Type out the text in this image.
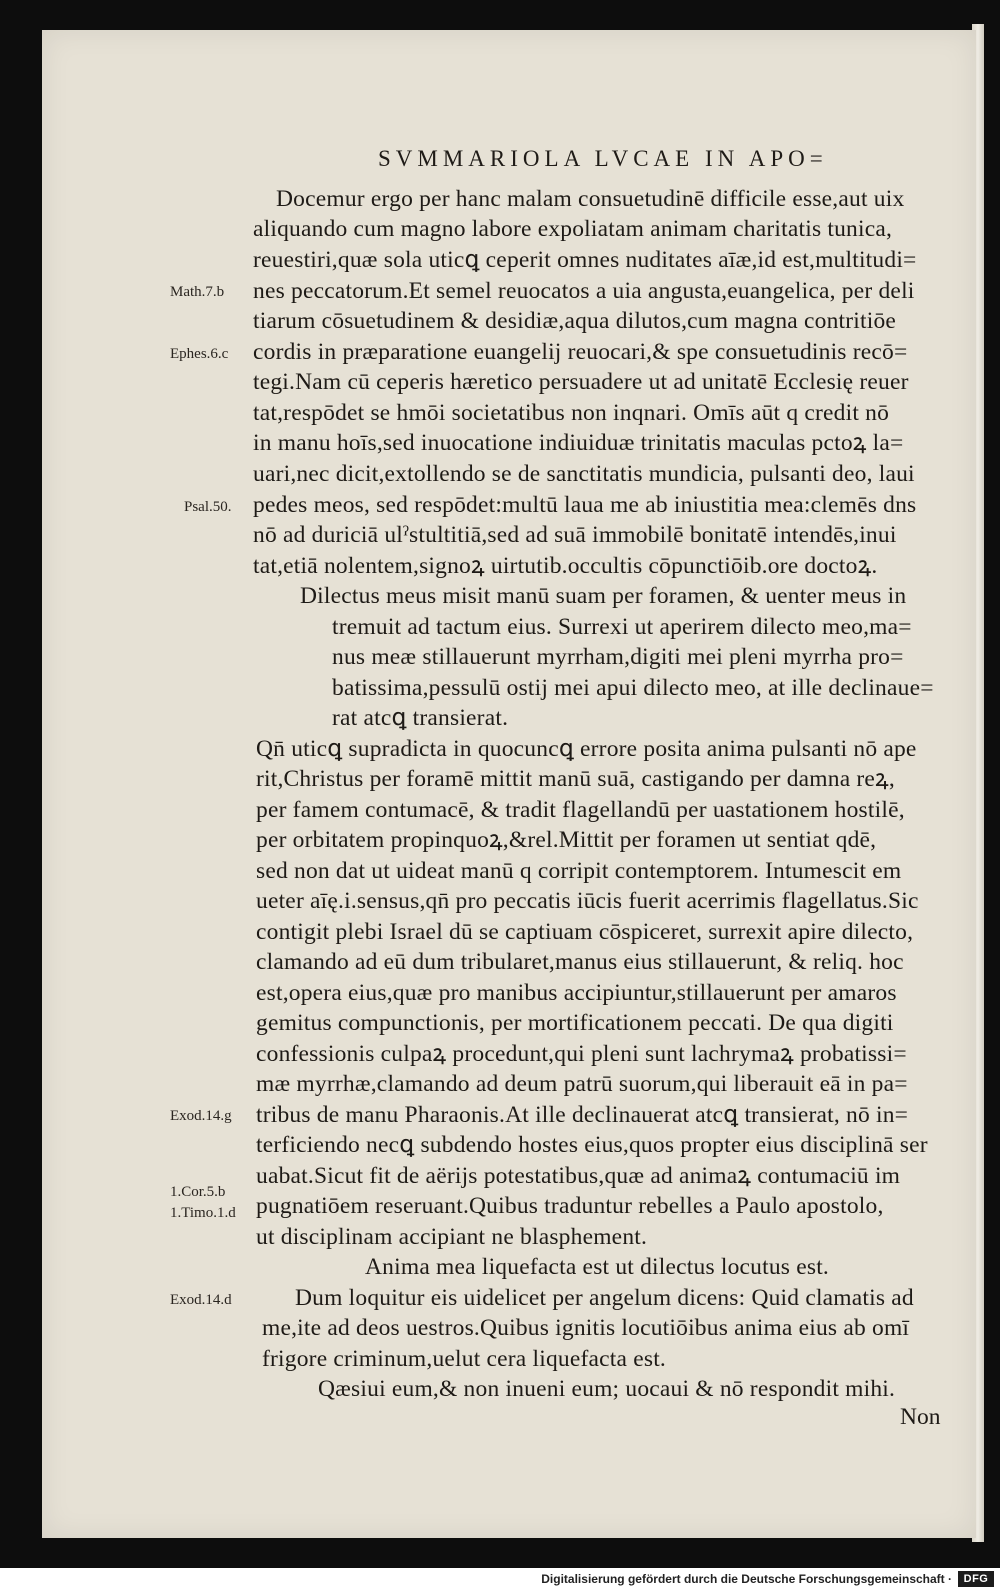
SVMMARIOLA LVCAE IN APO=
Docemur ergo per hanc malam consuetudinē difficile esse,aut uix
aliquando cum magno labore expoliatam animam charitatis tunica,
reuestiri,quæ sola uticꝗ ceperit omnes nuditates aīæ,id est,multitudi=
nes peccatorum.Et semel reuocatos a uia angusta,euangelica, per deli
tiarum cōsuetudinem & desidiæ,aqua dilutos,cum magna contritiōe
cordis in præparatione euangelij reuocari,& spe consuetudinis recō=
tegi.Nam cū ceperis hæretico persuadere ut ad unitatē Ecclesię reuer
tat,respōdet se hmōi societatibus non inqnari. Omīs aūt q credit nō
in manu hoīs,sed inuocatione indiuiduæ trinitatis maculas pctoꝝ la=
uari,nec dicit,extollendo se de sanctitatis mundicia, pulsanti deo, laui
pedes meos, sed respōdet:multū laua me ab iniustitia mea:clemēs dns
nō ad duriciā ulˀstultitiā,sed ad suā immobilē bonitatē intendēs,inui
tat,etiā nolentem,signoꝝ uirtutib.occultis cōpunctiōib.ore doctoꝝ.
Dilectus meus misit manū suam per foramen, & uenter meus in
tremuit ad tactum eius. Surrexi ut aperirem dilecto meo,ma=
nus meæ stillauerunt myrrham,digiti mei pleni myrrha pro=
batissima,pessulū ostij mei apui dilecto meo, at ille declinaue=
rat atcꝗ transierat.
Qn̄ uticꝗ supradicta in quocuncꝗ errore posita anima pulsanti nō ape
rit,Christus per foramē mittit manū suā, castigando per damna reꝝ,
per famem contumacē, & tradit flagellandū per uastationem hostilē,
per orbitatem propinquoꝝ,&rel.Mittit per foramen ut sentiat qdē,
sed non dat ut uideat manū q corripit contemptorem. Intumescit em
ueter aīę.i.sensus,qn̄ pro peccatis iūcis fuerit acerrimis flagellatus.Sic
contigit plebi Israel dū se captiuam cōspiceret, surrexit apire dilecto,
clamando ad eū dum tribularet,manus eius stillauerunt, & reliq. hoc
est,opera eius,quæ pro manibus accipiuntur,stillauerunt per amaros
gemitus compunctionis, per mortificationem peccati. De qua digiti
confessionis culpaꝝ procedunt,qui pleni sunt lachrymaꝝ probatissi=
mæ myrrhæ,clamando ad deum patrū suorum,qui liberauit eā in pa=
tribus de manu Pharaonis.At ille declinauerat atcꝗ transierat, nō in=
terficiendo necꝗ subdendo hostes eius,quos propter eius disciplinā ser
uabat.Sicut fit de aërijs potestatibus,quæ ad animaꝝ contumaciū im
pugnatiōem reseruant.Quibus traduntur rebelles a Paulo apostolo,
ut disciplinam accipiant ne blasphement.
Anima mea liquefacta est ut dilectus locutus est.
Dum loquitur eis uidelicet per angelum dicens: Quid clamatis ad
me,ite ad deos uestros.Quibus ignitis locutiōibus anima eius ab omī
frigore criminum,uelut cera liquefacta est.
Qæsiui eum,& non inueni eum; uocaui & nō respondit mihi.
Math.7.b
Ephes.6.c
Psal.50.
Exod.14.g
1.Cor.5.b
1.Timo.1.d
Exod.14.d
Non
Digitalisierung gefördert durch die Deutsche Forschungsgemeinschaft ·	DFG
